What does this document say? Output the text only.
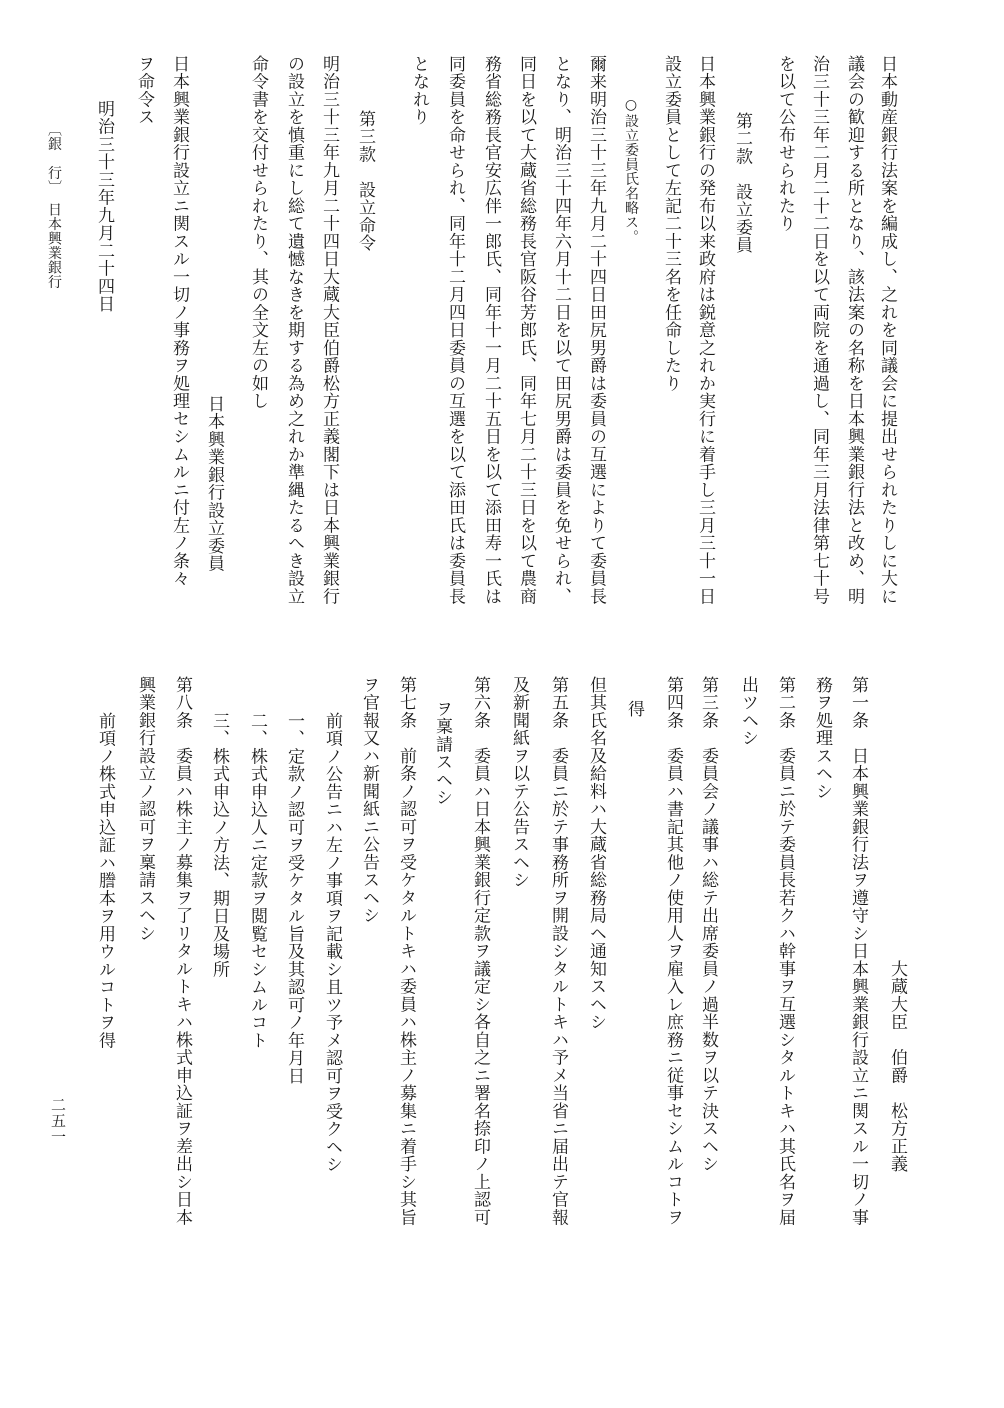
日本動産銀行法案を編成し、之れを同議会に提出せられたりしに大に
議会の歓迎する所となり、該法案の名称を日本興業銀行法と改め、明
治三十三年二月二十二日を以て両院を通過し、同年三月法律第七十号
を以て公布せられたり
第二款　設立委員
日本興業銀行の発布以来政府は鋭意之れか実行に着手し三月三十一日
設立委員として左記二十三名を任命したり
○設立委員氏名略ス。
爾来明治三十三年九月二十四日田尻男爵は委員の互選によりて委員長
となり、明治三十四年六月十二日を以て田尻男爵は委員を免せられ、
同日を以て大蔵省総務長官阪谷芳郎氏、同年七月二十三日を以て農商
務省総務長官安広伴一郎氏、同年十一月二十五日を以て添田寿一氏は
同委員を命せられ、同年十二月四日委員の互選を以て添田氏は委員長
となれり
第三款　設立命令
明治三十三年九月二十四日大蔵大臣伯爵松方正義閣下は日本興業銀行
の設立を慎重にし総て遺憾なきを期する為め之れか準縄たるへき設立
命令書を交付せられたり、其の全文左の如し
日本興業銀行設立委員
日本興業銀行設立ニ関スル一切ノ事務ヲ処理セシムルニ付左ノ条々
ヲ命令ス
明治三十三年九月二十四日
〔銀　行〕　日本興業銀行
大蔵大臣　伯爵　松方正義
第一条　日本興業銀行法ヲ遵守シ日本興業銀行設立ニ関スル一切ノ事
務ヲ処理スヘシ
第二条　委員ニ於テ委員長若クハ幹事ヲ互選シタルトキハ其氏名ヲ届
出ツヘシ
第三条　委員会ノ議事ハ総テ出席委員ノ過半数ヲ以テ決スヘシ
第四条　委員ハ書記其他ノ使用人ヲ雇入レ庶務ニ従事セシムルコトヲ
得
但其氏名及給料ハ大蔵省総務局ヘ通知スヘシ
第五条　委員ニ於テ事務所ヲ開設シタルトキハ予メ当省ニ届出テ官報
及新聞紙ヲ以テ公告スヘシ
第六条　委員ハ日本興業銀行定款ヲ議定シ各自之ニ署名捺印ノ上認可
ヲ稟請スヘシ
第七条　前条ノ認可ヲ受ケタルトキハ委員ハ株主ノ募集ニ着手シ其旨
ヲ官報又ハ新聞紙ニ公告スヘシ
前項ノ公告ニハ左ノ事項ヲ記載シ且ツ予メ認可ヲ受クヘシ
一、定款ノ認可ヲ受ケタル旨及其認可ノ年月日
二、株式申込人ニ定款ヲ閲覧セシムルコト
三、株式申込ノ方法、期日及場所
第八条　委員ハ株主ノ募集ヲ了リタルトキハ株式申込証ヲ差出シ日本
興業銀行設立ノ認可ヲ稟請スヘシ
前項ノ株式申込証ハ謄本ヲ用ウルコトヲ得
二五一
